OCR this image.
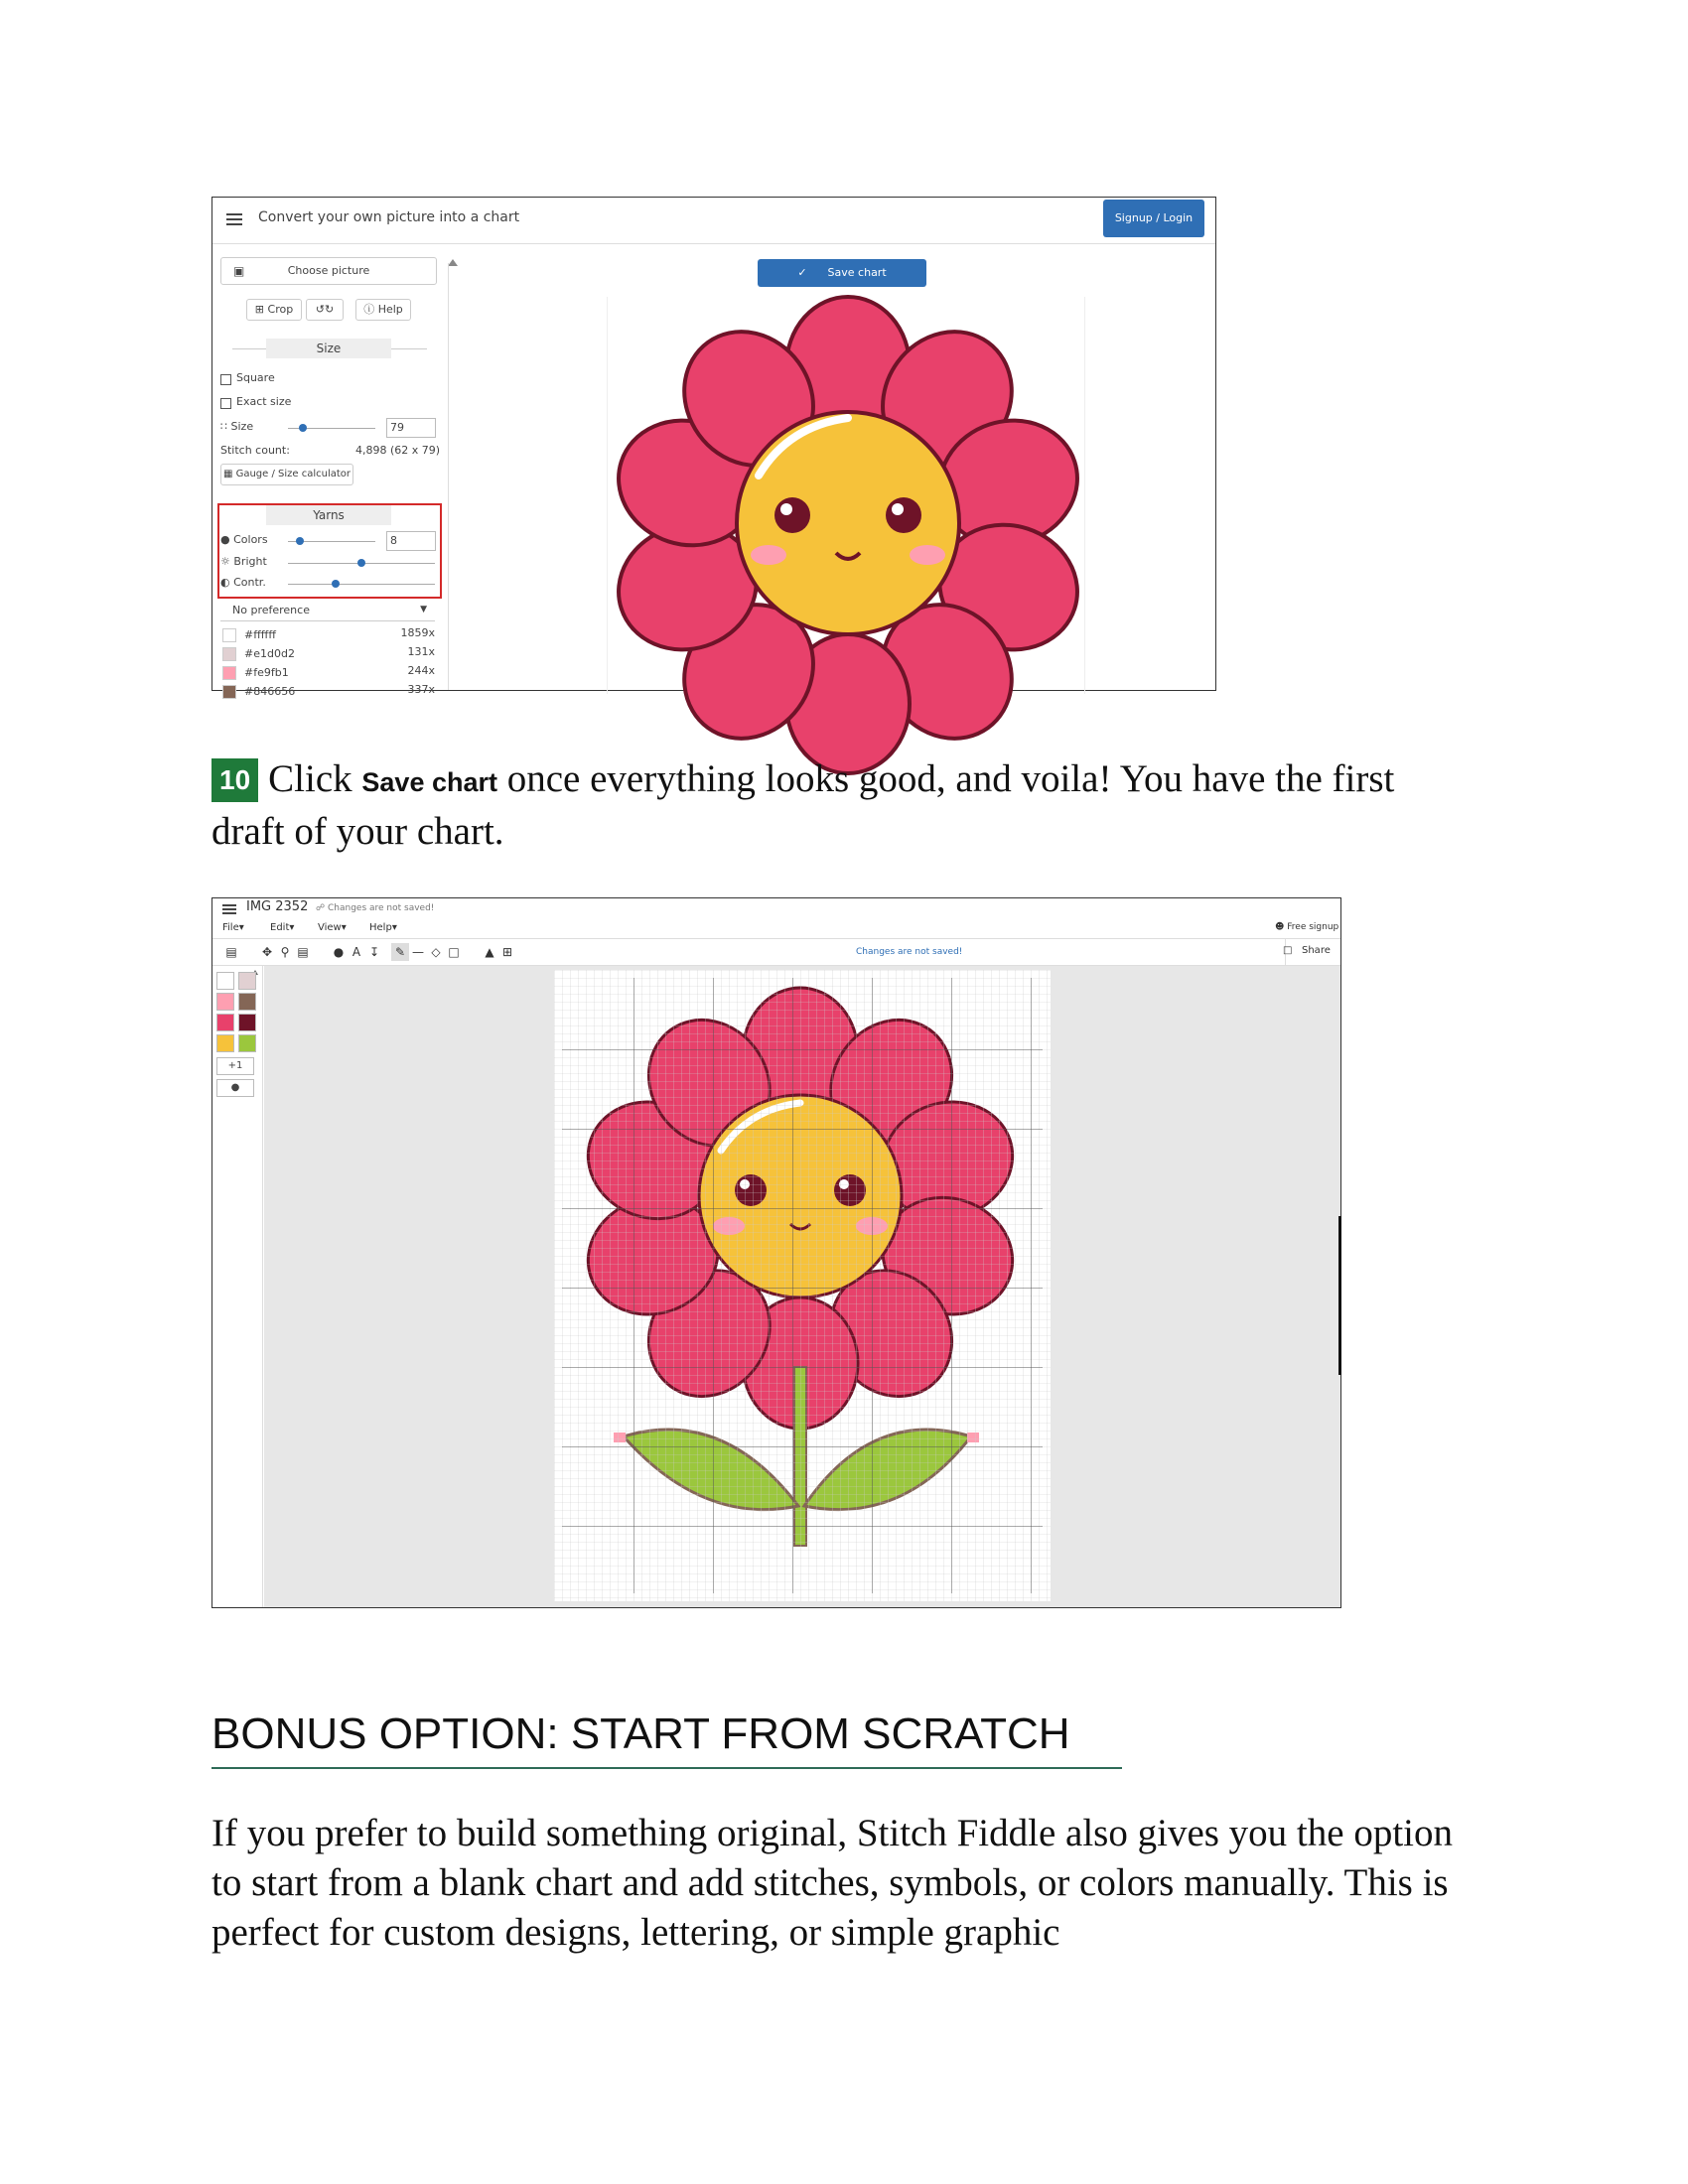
Convert your own picture into a chart	Signup / Login
▣	Choose picture
⊞ Crop	↺↻	ⓘ Help
Size
Square
Exact size
∷ Size	79
Stitch count:	4,898 (62 x 79)
▦ Gauge / Size calculator
Yarns
● Colors	8
☼ Bright
◐ Contr.
No preference	▼
✓ Save chart
#ffffff	1859x
#e1d0d2	131x
#fe9fb1	244x
#846656	337x
10 Click Save chart once everything looks good, and voila! You have the first draft of your chart.
IMG 2352 ☍ Changes are not saved!
File▾	Edit▾ View▾ Help▾	☻ Free signup
▤	✥ ⚲ ▤	● A ↧	✎ — ◇ □	▲ ⊞	Changes are not saved!	□ Share
+1
●
BONUS OPTION: START FROM SCRATCH
If you prefer to build something original, Stitch Fiddle also gives you the option to start from a blank chart and add stitches, symbols, or colors manually. This is perfect for custom designs, lettering, or simple graphic
